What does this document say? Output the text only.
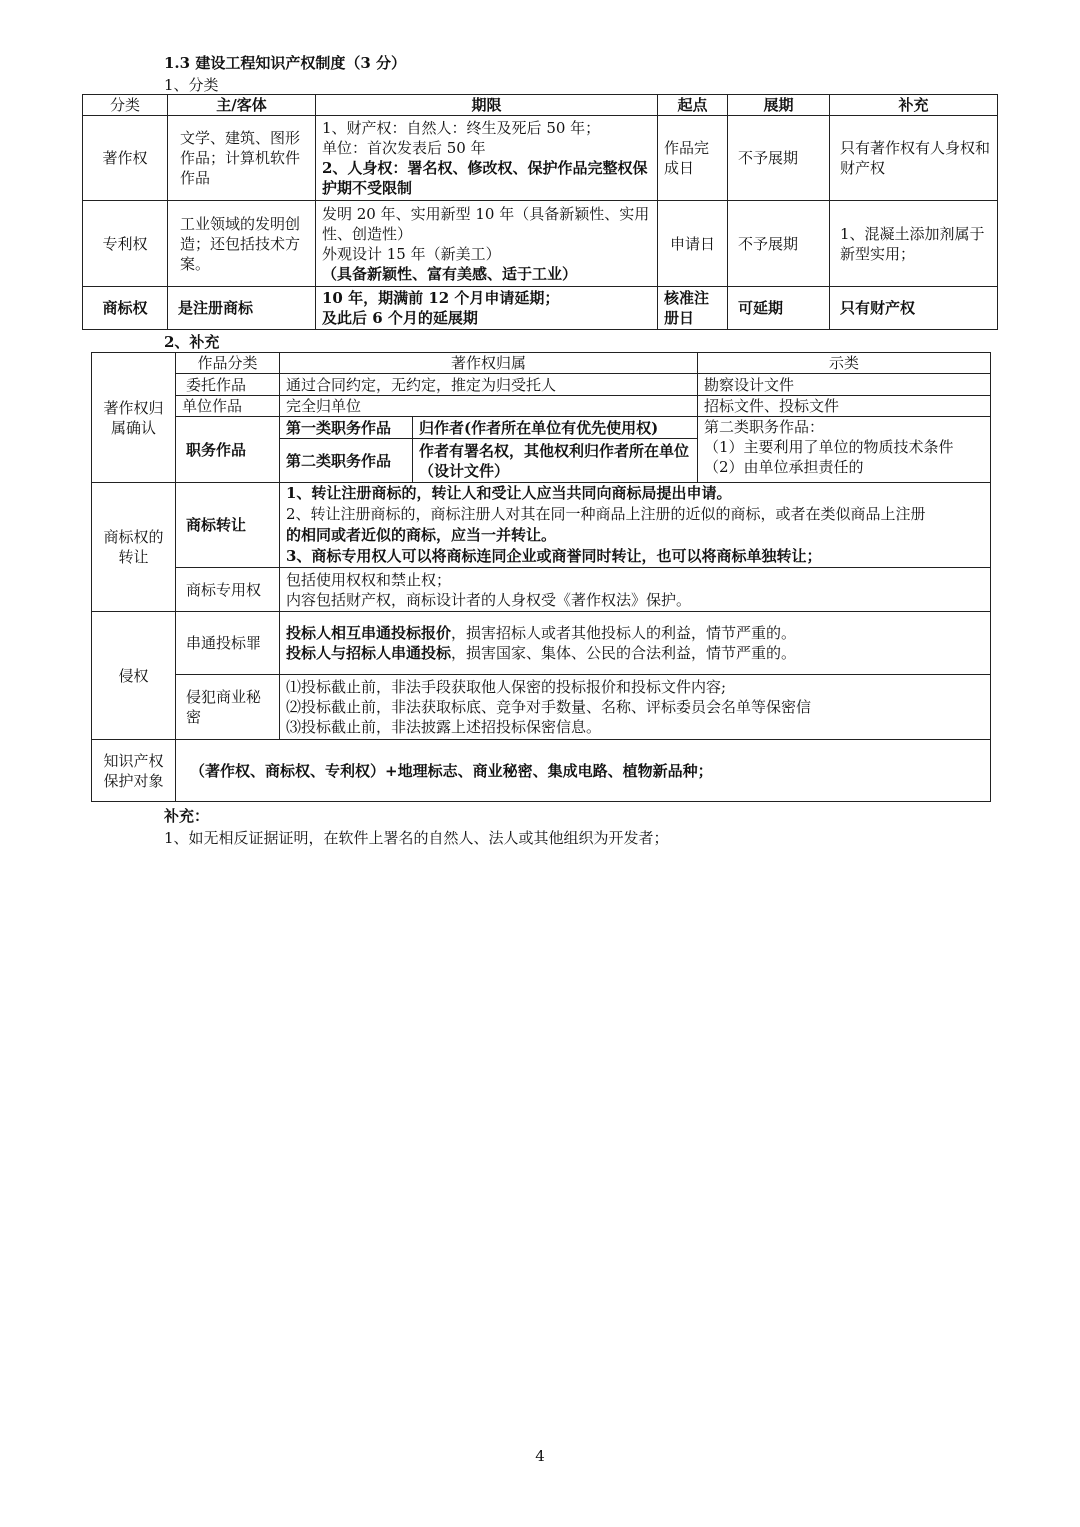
1.3 建设工程知识产权制度（3 分）
1、分类
分类	主/客体	期限	起点	展期	补充
著作权	文学、建筑、图形作品；计算机软件作品	1、财产权：自然人：终生及死后 50 年；
单位：首次发表后 50 年
2、人身权：署名权、修改权、保护作品完整权保护期不受限制	作品完成日	不予展期	只有著作权有人身权和财产权
专利权	工业领域的发明创造；还包括技术方案。	发明 20 年、实用新型 10 年（具备新颖性、实用性、创造性）
外观设计 15 年（新美工）
（具备新颖性、富有美感、适于工业）	申请日	不予展期	1、混凝土添加剂属于新型实用；
商标权	是注册商标	10 年，期满前 12 个月申请延期；
及此后 6 个月的延展期	核准注册日	可延期	只有财产权
2、补充
著作权归属确认	作品分类	著作权归属		示类
	委托作品	通过合同约定，无约定，推定为归受托人		勘察设计文件
	单位作品	完全归单位		招标文件、投标文件
	职务作品	第一类职务作品	归作者(作者所在单位有优先使用权)	第二类职务作品：
（1）主要利用了单位的物质技术条件
（2）由单位承担责任的

		第二类职务作品	作者有署名权，其他权利归作者所在单位（设计文件）	
商标权的转让	商标转让	1、转让注册商标的，转让人和受让人应当共同向商标局提出申请。
2、转让注册商标的，商标注册人对其在同一种商品上注册的近似的商标，或者在类似商品上注册
的相同或者近似的商标，应当一并转让。
3、商标专用权人可以将商标连同企业或商誉同时转让，也可以将商标单独转让；		

	商标专用权	包括使用权权和禁止权；
内容包括财产权，商标设计者的人身权受《著作权法》保护。		

侵权	串通投标罪	投标人相互串通投标报价，损害招标人或者其他投标人的利益，情节严重的。
投标人与招标人串通投标，损害国家、集体、公民的合法利益，情节严重的。		

	侵犯商业秘密	⑴投标截止前，非法手段获取他人保密的投标报价和投标文件内容;
⑵投标截止前，非法获取标底、竞争对手数量、名称、评标委员会名单等保密信
⑶投标截止前，非法披露上述招投标保密信息。		

知识产权保护对象	（著作权、商标权、专利权）+地理标志、商业秘密、集成电路、植物新品种；			
补充：
1、如无相反证据证明，在软件上署名的自然人、法人或其他组织为开发者；
4
